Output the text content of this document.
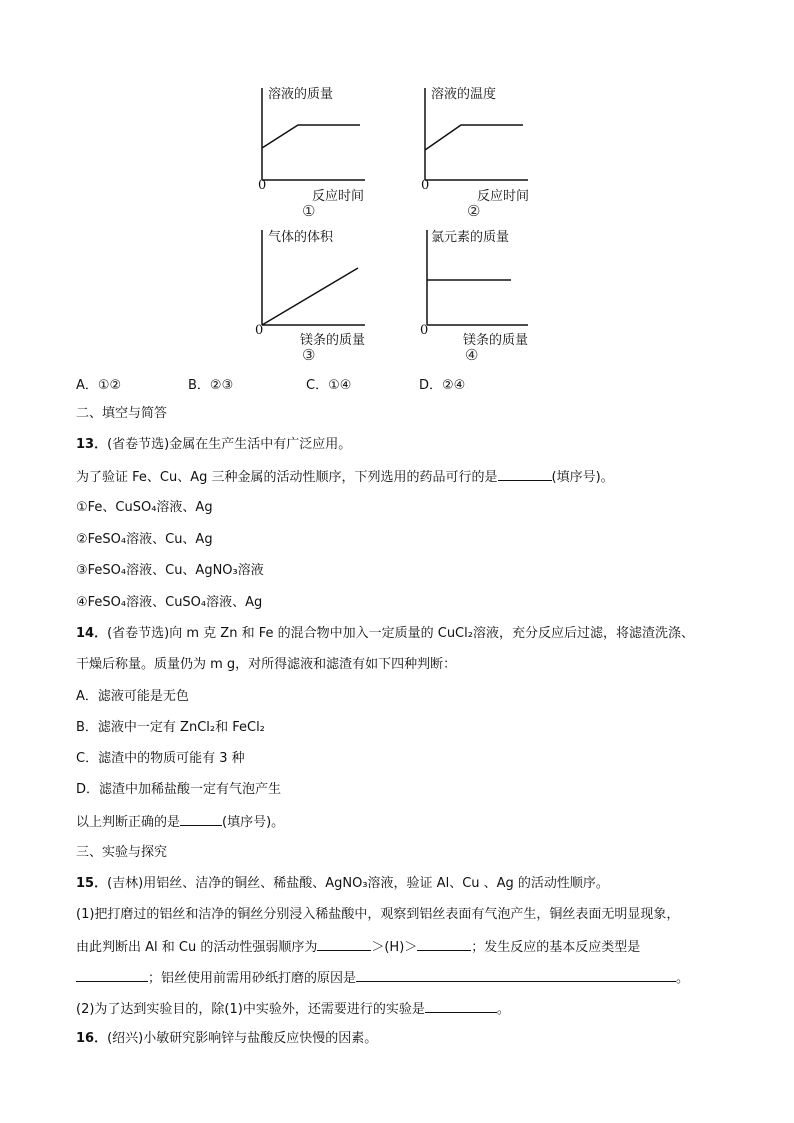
溶液的质量
0
反应时间
①
溶液的温度
0
反应时间
②
气体的体积
0
镁条的质量
③
氯元素的质量
0
镁条的质量
④
A．①②	B．②③	C．①④	D．②④
二、填空与简答
13．(省卷节选)金属在生产生活中有广泛应用。
为了验证 Fe、Cu、Ag 三种金属的活动性顺序，下列选用的药品可行的是	(填序号)。
①Fe、CuSO₄溶液、Ag
②FeSO₄溶液、Cu、Ag
③FeSO₄溶液、Cu、AgNO₃溶液
④FeSO₄溶液、CuSO₄溶液、Ag
14．(省卷节选)向 m 克 Zn 和 Fe 的混合物中加入一定质量的 CuCl₂溶液，充分反应后过滤，将滤渣洗涤、
干燥后称量。质量仍为 m g，对所得滤液和滤渣有如下四种判断：
A．滤液可能是无色
B．滤液中一定有 ZnCl₂和 FeCl₂
C．滤渣中的物质可能有 3 种
D．滤渣中加稀盐酸一定有气泡产生
以上判断正确的是	(填序号)。
三、实验与探究
15．(吉林)用铝丝、洁净的铜丝、稀盐酸、AgNO₃溶液，验证 Al、Cu 、Ag 的活动性顺序。
(1)把打磨过的铝丝和洁净的铜丝分别浸入稀盐酸中，观察到铝丝表面有气泡产生，铜丝表面无明显现象，
由此判断出 Al 和 Cu 的活动性强弱顺序为	＞(H)＞	；发生反应的基本反应类型是
；铝丝使用前需用砂纸打磨的原因是	。
(2)为了达到实验目的，除(1)中实验外，还需要进行的实验是	。
16．(绍兴)小敏研究影响锌与盐酸反应快慢的因素。
